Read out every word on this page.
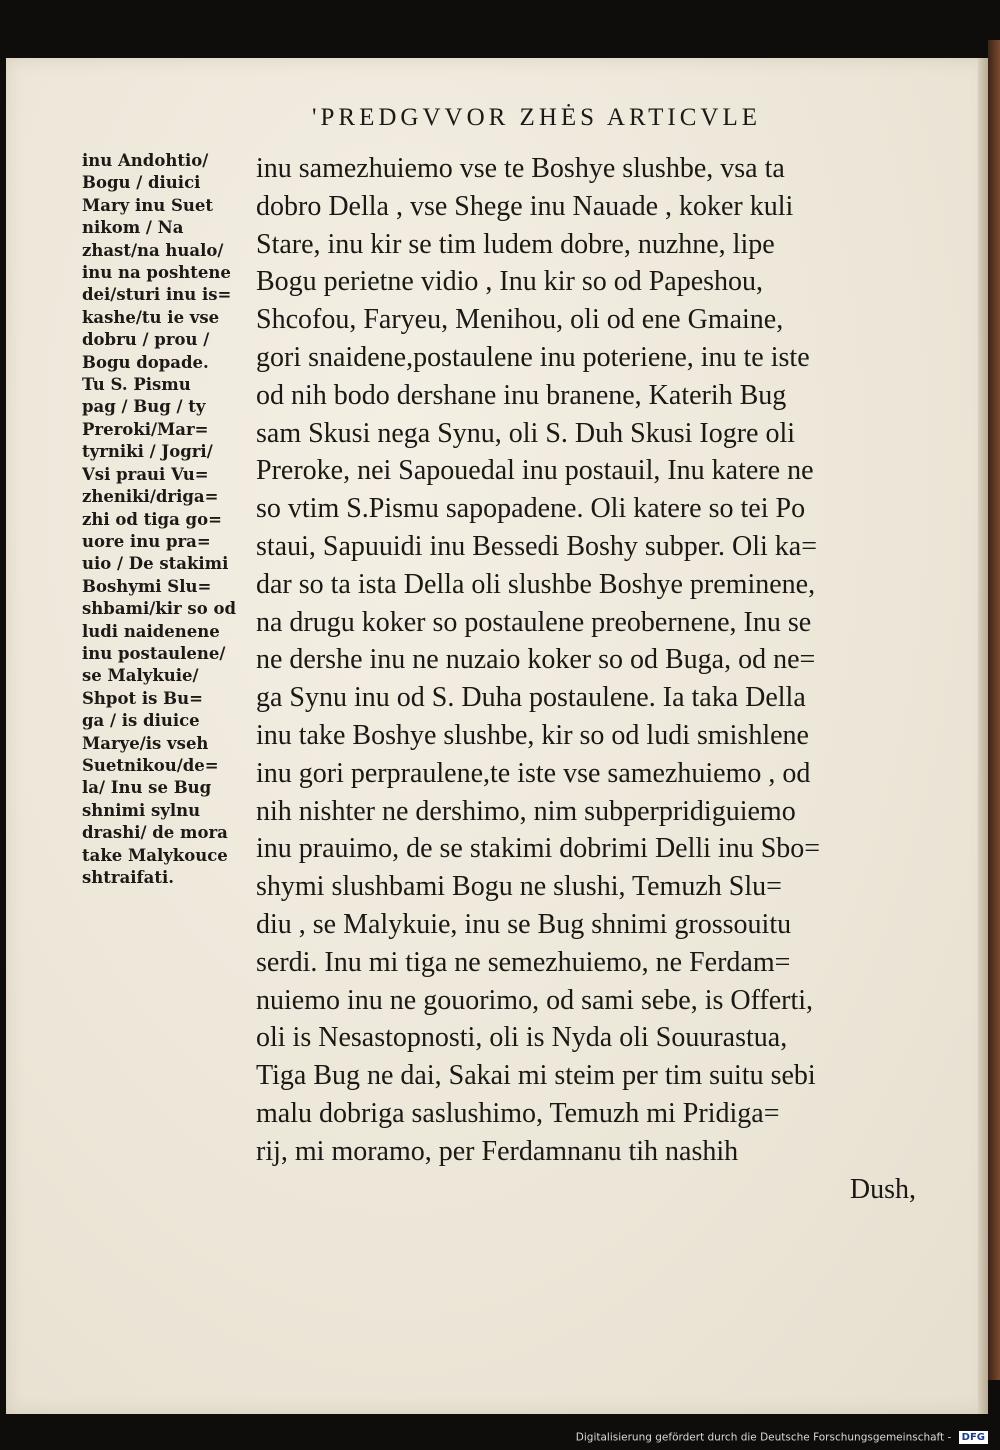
'PREDGVVOR ZHĖS ARTICVLE
inu Andohtio/
Bogu / diuici
Mary inu Suet
nikom / Na
zhast/na hualo/
inu na poshtene
dei/sturi inu is=
kashe/tu ie vse
dobru / prou /
Bogu dopade.
Tu S. Pismu
pag / Bug / ty
Preroki/Mar=
tyrniki / Jogri/
Vsi praui Vu=
zheniki/driga=
zhi od tiga go=
uore inu pra=
uio / De stakimi
Boshymi Slu=
shbami/kir so od
ludi naidenene
inu postaulene/
se Malykuie/
Shpot is Bu=
ga / is diuice
Marye/is vseh
Suetnikou/de=
la/ Inu se Bug
shnimi sylnu
drashi/ de mora
take Malykouce
shtraifati.
inu samezhuiemo vse te Boshye slushbe, vsa ta
dobro Della , vse Shege inu Nauade , koker kuli
Stare, inu kir se tim ludem dobre, nuzhne, lipe
Bogu perietne vidio , Inu kir so od Papeshou,
Shcofou, Faryeu, Menihou, oli od ene Gmaine,
gori snaidene,postaulene inu poteriene, inu te iste
od nih bodo dershane inu branene, Katerih Bug
sam Skusi nega Synu, oli S. Duh Skusi Iogre oli
Preroke, nei Sapouedal inu postauil, Inu katere ne
so vtim S.Pismu sapopadene. Oli katere so tei Po
staui, Sapuuidi inu Bessedi Boshy subper. Oli ka=
dar so ta ista Della oli slushbe Boshye preminene,
na drugu koker so postaulene preobernene, Inu se
ne dershe inu ne nuzaio koker so od Buga, od ne=
ga Synu inu od S. Duha postaulene. Ia taka Della
inu take Boshye slushbe, kir so od ludi smishlene
inu gori perpraulene,te iste vse samezhuiemo , od
nih nishter ne dershimo, nim subperpridiguiemo
inu prauimo, de se stakimi dobrimi Delli inu Sbo=
shymi slushbami Bogu ne slushi, Temuzh Slu=
diu , se Malykuie, inu se Bug shnimi grossouitu
serdi. Inu mi tiga ne semezhuiemo, ne Ferdam=
nuiemo inu ne gouorimo, od sami sebe, is Offerti,
oli is Nesastopnosti, oli is Nyda oli Souurastua,
Tiga Bug ne dai, Sakai mi steim per tim suitu sebi
malu dobriga saslushimo, Temuzh mi Pridiga=
rij, mi moramo, per Ferdamnanu tih nashih
Dush,
Digitalisierung gefördert durch die Deutsche Forschungsgemeinschaft - DFG
